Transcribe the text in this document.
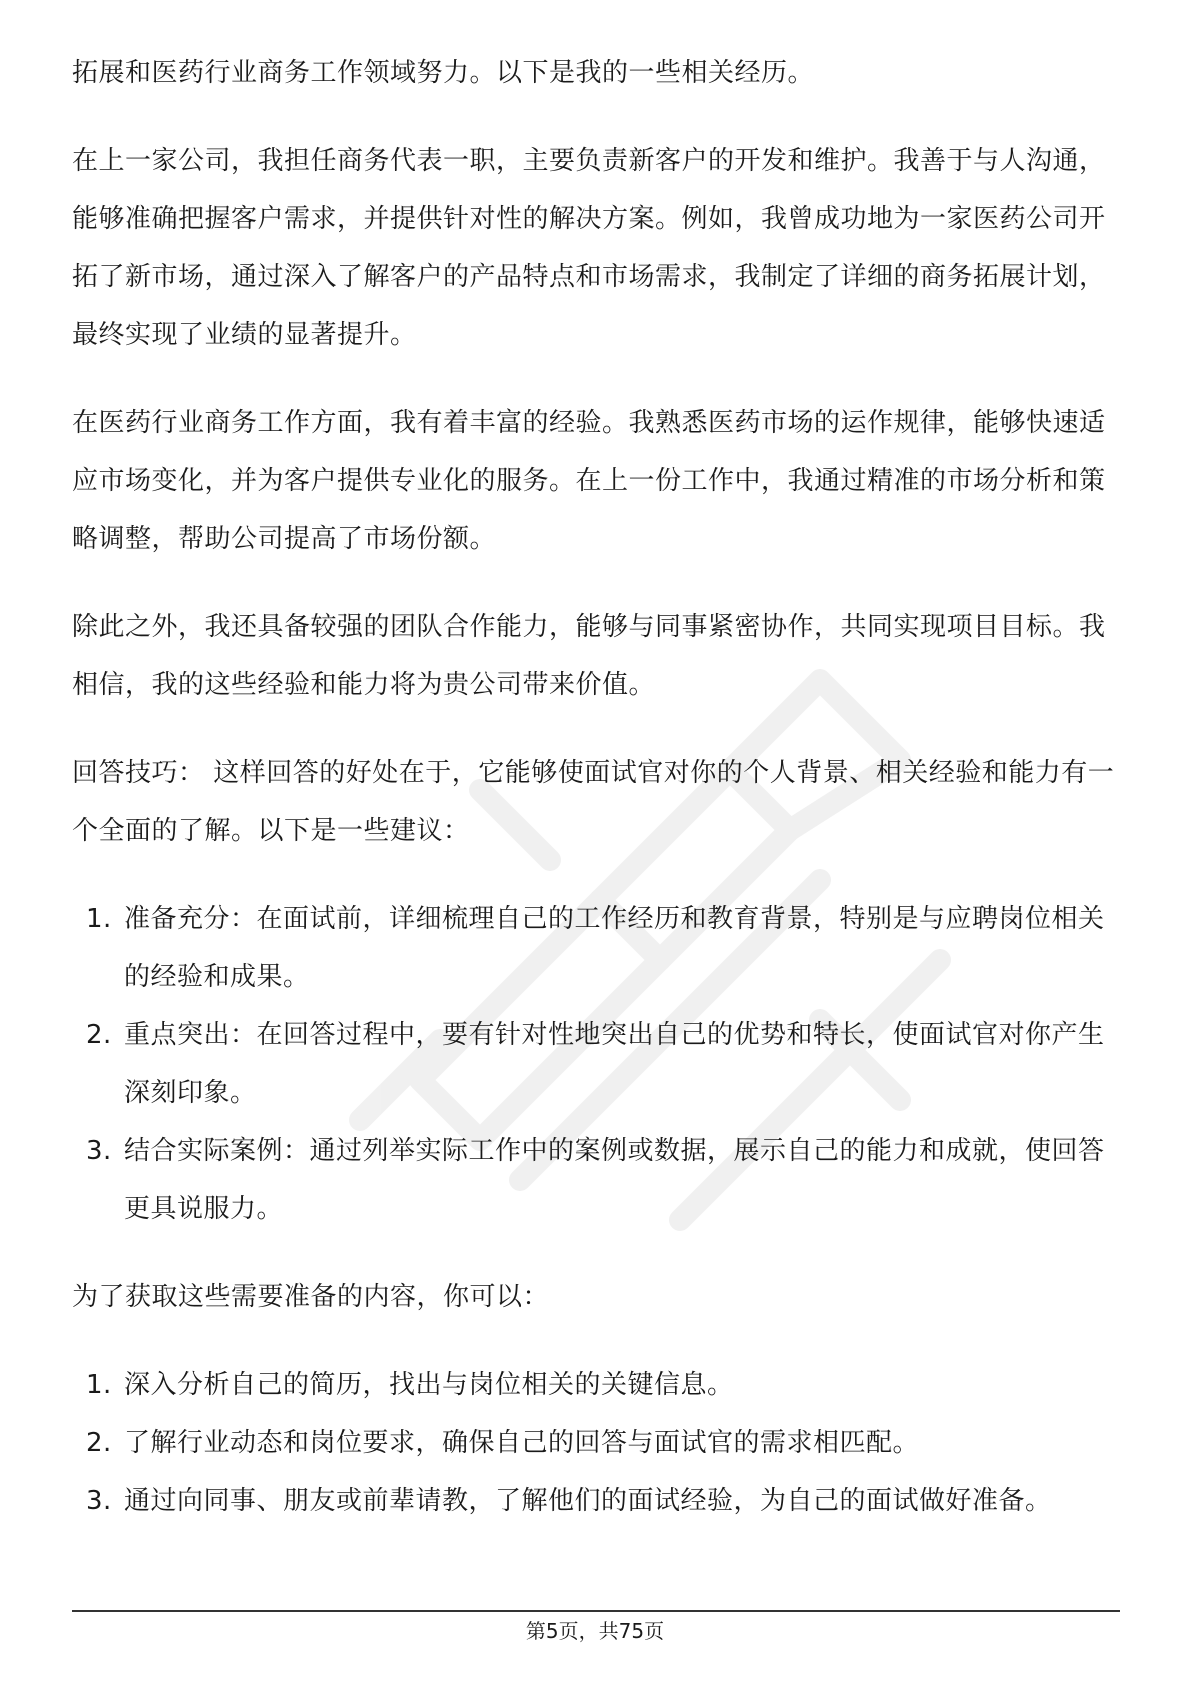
拓展和医药行业商务工作领域努力。以下是我的一些相关经历。

在上一家公司，我担任商务代表一职，主要负责新客户的开发和维护。我善于与人沟通，能够准确把握客户需求，并提供针对性的解决方案。例如，我曾成功地为一家医药公司开拓了新市场，通过深入了解客户的产品特点和市场需求，我制定了详细的商务拓展计划，最终实现了业绩的显著提升。

在医药行业商务工作方面，我有着丰富的经验。我熟悉医药市场的运作规律，能够快速适应市场变化，并为客户提供专业化的服务。在上一份工作中，我通过精准的市场分析和策略调整，帮助公司提高了市场份额。

除此之外，我还具备较强的团队合作能力，能够与同事紧密协作，共同实现项目目标。我相信，我的这些经验和能力将为贵公司带来价值。

回答技巧： 这样回答的好处在于，它能够使面试官对你的个人背景、相关经验和能力有一个全面的了解。以下是一些建议：

1. 准备充分：在面试前，详细梳理自己的工作经历和教育背景，特别是与应聘岗位相关的经验和成果。
2. 重点突出：在回答过程中，要有针对性地突出自己的优势和特长，使面试官对你产生深刻印象。
3. 结合实际案例：通过列举实际工作中的案例或数据，展示自己的能力和成就，使回答更具说服力。

为了获取这些需要准备的内容，你可以：

1. 深入分析自己的简历，找出与岗位相关的关键信息。
2. 了解行业动态和岗位要求，确保自己的回答与面试官的需求相匹配。
3. 通过向同事、朋友或前辈请教，了解他们的面试经验，为自己的面试做好准备。
第5页，共75页
